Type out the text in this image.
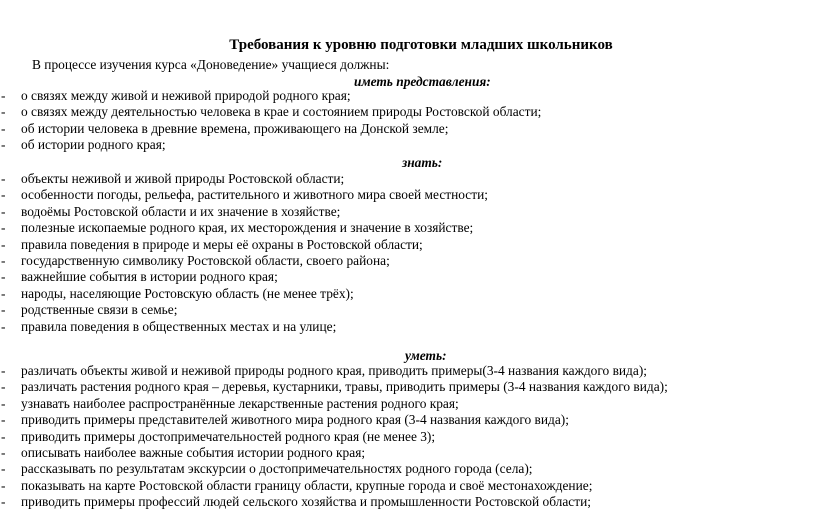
Требования к уровню подготовки младших школьников
В процессе изучения курса «Доноведение» учащиеся должны:
иметь представления:
- о связях между живой и неживой природой родного края;
- о связях между деятельностью человека в крае и состоянием природы Ростовской области;
- об истории человека в древние времена, проживающего на Донской земле;
- об истории родного края;
знать:
- объекты неживой и живой природы Ростовской области;
- особенности погоды, рельефа, растительного и животного мира своей местности;
- водоёмы Ростовской области и их значение в хозяйстве;
- полезные ископаемые родного края, их месторождения и значение в хозяйстве;
- правила поведения в природе и меры её охраны в Ростовской области;
- государственную символику Ростовской области, своего района;
- важнейшие события в истории родного края;
- народы, населяющие Ростовскую область (не менее трёх);
- родственные связи в семье;
- правила поведения в общественных местах и на улице;
уметь:
- различать объекты живой и неживой природы родного края, приводить примеры(3-4 названия каждого вида);
- различать растения родного края – деревья, кустарники, травы, приводить примеры (3-4 названия каждого вида);
- узнавать наиболее распространённые лекарственные растения родного края;
- приводить примеры представителей животного мира родного края (3-4 названия каждого вида);
- приводить примеры достопримечательностей родного края (не менее 3);
- описывать наиболее важные события истории родного края;
- рассказывать по результатам экскурсии о достопримечательностях родного города (села);
- показывать на карте Ростовской области границу области, крупные города и своё местонахождение;
- приводить примеры профессий людей сельского хозяйства и промышленности Ростовской области;
